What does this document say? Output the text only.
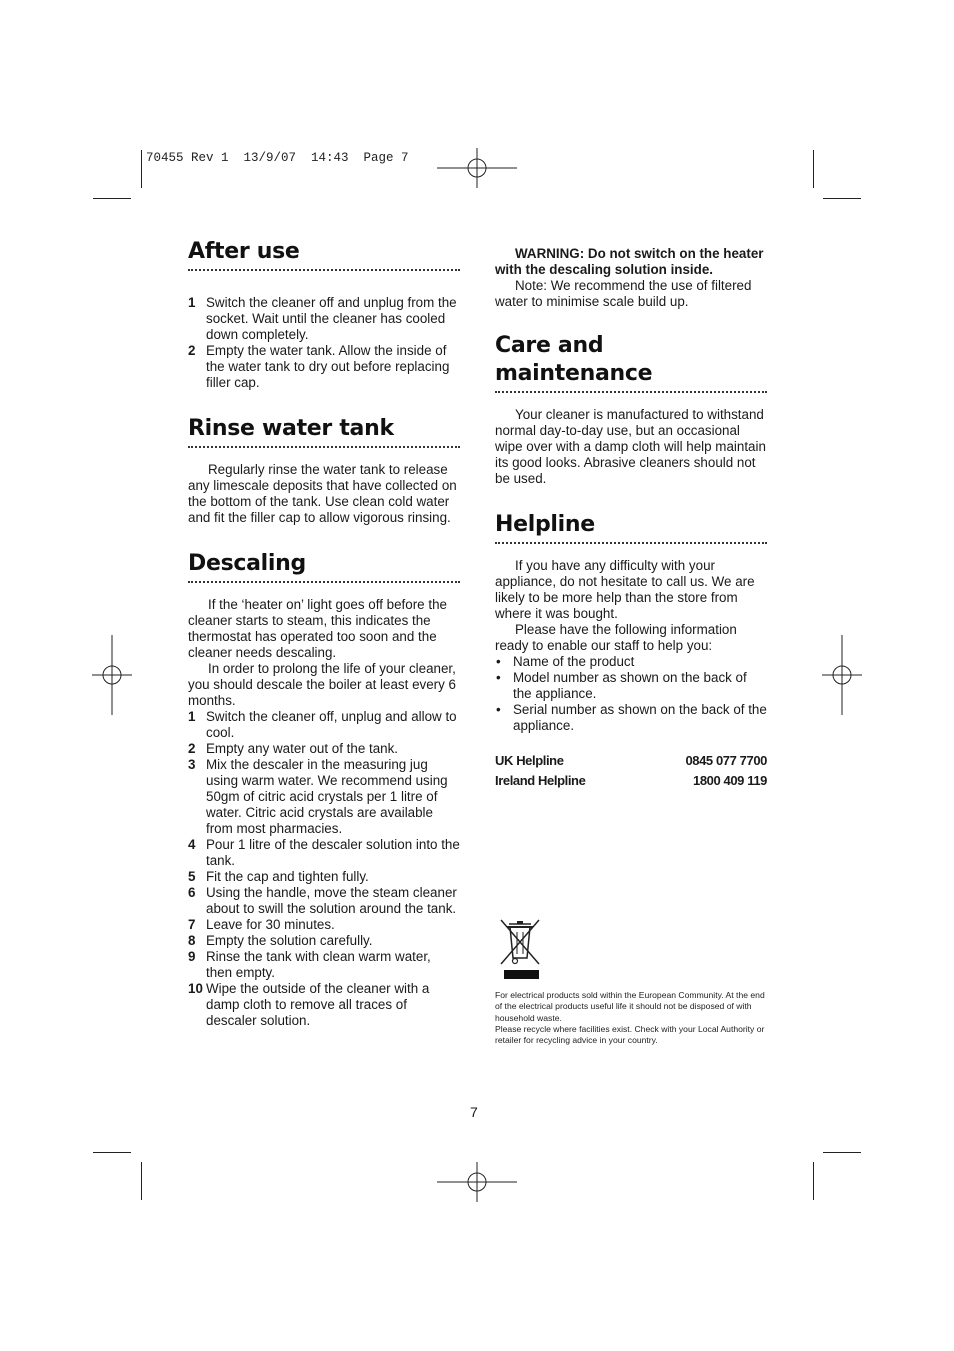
70455 Rev 1  13/9/07  14:43  Page 7
After use
1 Switch the cleaner off and unplug from the socket. Wait until the cleaner has cooled down completely.
2 Empty the water tank. Allow the inside of the water tank to dry out before replacing filler cap.
Rinse water tank

Regularly rinse the water tank to release any limescale deposits that have collected on the bottom of the tank. Use clean cold water and fit the filler cap to allow vigorous rinsing.

Descaling

If the ‘heater on’ light goes off before the cleaner starts to steam, this indicates the thermostat has operated too soon and the cleaner needs descaling.

In order to prolong the life of your cleaner, you should descale the boiler at least every 6 months.

1 Switch the cleaner off, unplug and allow to cool.
2 Empty any water out of the tank.
3 Mix the descaler in the measuring jug using warm water. We recommend using 50gm of citric acid crystals per 1 litre of water. Citric acid crystals are available from most pharmacies.
4 Pour 1 litre of the descaler solution into the tank.
5 Fit the cap and tighten fully.
6 Using the handle, move the steam cleaner about to swill the solution around the tank.
7 Leave for 30 minutes.
8 Empty the solution carefully.
9 Rinse the tank with clean warm water, then empty.
10 Wipe the outside of the cleaner with a damp cloth to remove all traces of descaler solution.

WARNING: Do not switch on the heater with the descaling solution inside.

Note: We recommend the use of filtered water to minimise scale build up.

Care and maintenance

Your cleaner is manufactured to withstand normal day-to-day use, but an occasional wipe over with a damp cloth will help maintain its good looks. Abrasive cleaners should not be used.

Helpline

If you have any difficulty with your appliance, do not hesitate to call us. We are likely to be more help than the store from where it was bought.

Please have the following information ready to enable our staff to help you:

• Name of the product
• Model number as shown on the back of the appliance.
• Serial number as shown on the back of the appliance.
UK Helpline	0845 077 7700
Ireland Helpline	1800 409 119

For electrical products sold within the European Community. At the end of the electrical products useful life it should not be disposed of with household waste.

Please recycle where facilities exist. Check with your Local Authority or retailer for recycling advice in your country.

7
